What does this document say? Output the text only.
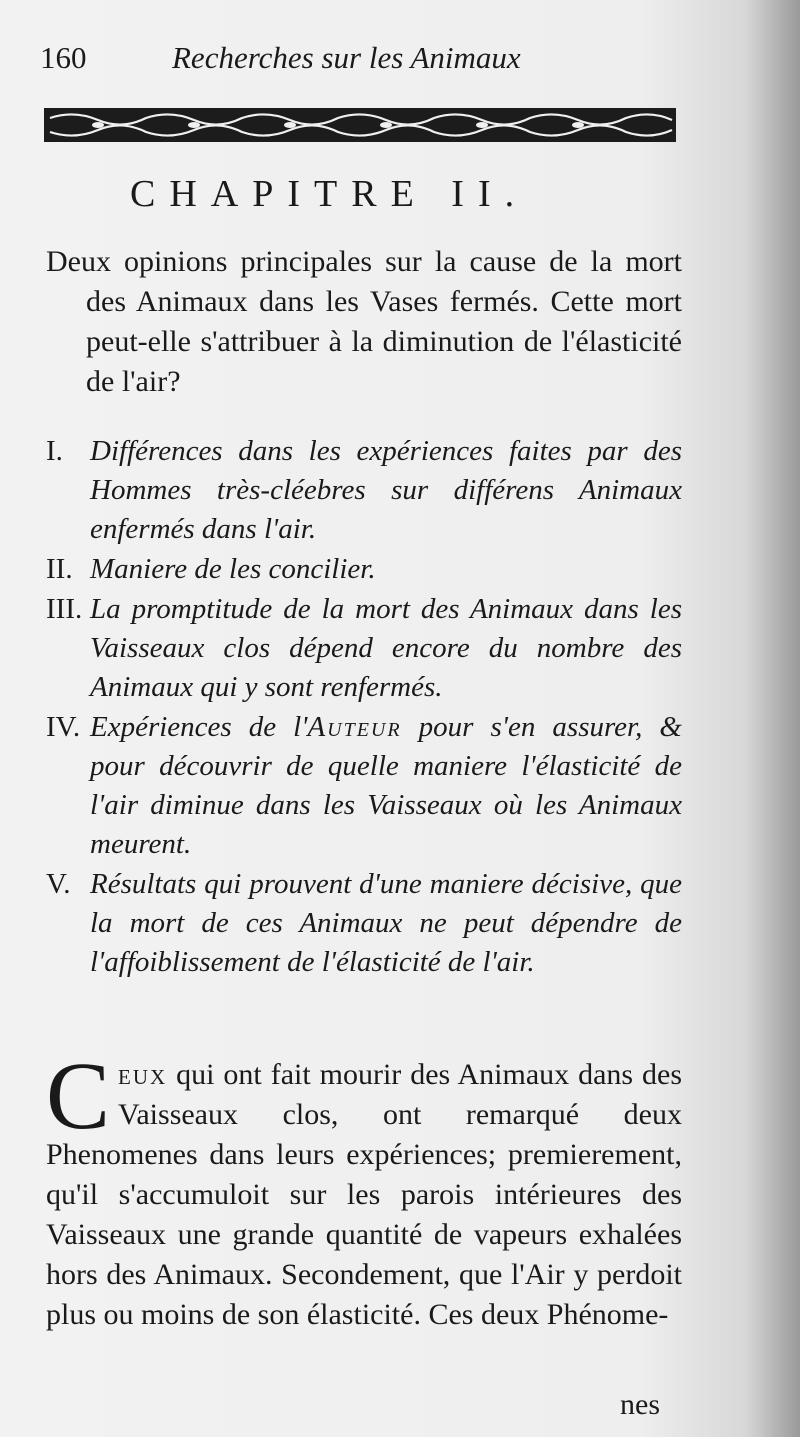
160	Recherches sur les Animaux
CHAPITRE II.

Deux opinions principales sur la cause de la mort des Animaux dans les Vases fermés. Cette mort peut-elle s'attribuer à la diminution de l'élasticité de l'air?

I. Différences dans les expériences faites par des Hommes très-cléebres sur différens Animaux enfermés dans l'air.
II. Maniere de les concilier.
III. La promptitude de la mort des Animaux dans les Vaisseaux clos dépend encore du nombre des Animaux qui y sont renfermés.
IV. Expériences de l'Auteur pour s'en assurer, & pour découvrir de quelle maniere l'élasticité de l'air diminue dans les Vaisseaux où les Animaux meurent.
V. Résultats qui prouvent d'une maniere décisive, que la mort de ces Animaux ne peut dépendre de l'affoiblissement de l'élasticité de l'air.

Ceux qui ont fait mourir des Animaux dans des Vaisseaux clos, ont remarqué deux Phenomenes dans leurs expériences; premierement, qu'il s'accumuloit sur les parois intérieures des Vaisseaux une grande quantité de vapeurs exhalées hors des Animaux. Secondement, que l'Air y perdoit plus ou moins de son élasticité. Ces deux Phénome-

nes
